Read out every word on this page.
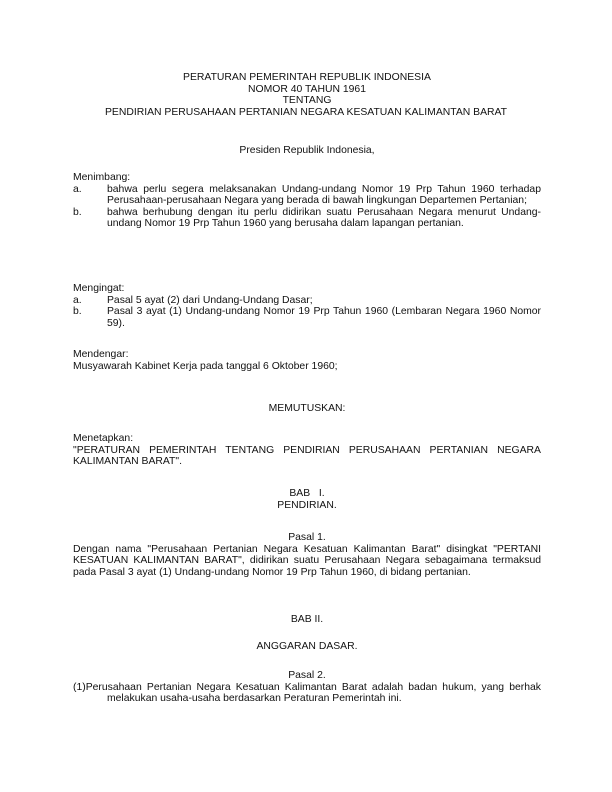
PERATURAN PEMERINTAH REPUBLIK INDONESIA
NOMOR 40 TAHUN 1961
TENTANG
PENDIRIAN PERUSAHAAN PERTANIAN NEGARA KESATUAN KALIMANTAN BARAT
Presiden Republik Indonesia,
Menimbang:
a.	bahwa perlu segera melaksanakan Undang-undang Nomor 19 Prp Tahun 1960 terhadap Perusahaan-perusahaan Negara yang berada di bawah lingkungan Departemen Pertanian;
b.	bahwa berhubung dengan itu perlu didirikan suatu Perusahaan Negara menurut Undang-undang Nomor 19 Prp Tahun 1960 yang berusaha dalam lapangan pertanian.
Mengingat:
a.	Pasal 5 ayat (2) dari Undang-Undang Dasar;
b.	Pasal 3 ayat (1) Undang-undang Nomor 19 Prp Tahun 1960 (Lembaran Negara 1960 Nomor 59).
Mendengar:
Musyawarah Kabinet Kerja pada tanggal 6 Oktober 1960;
MEMUTUSKAN:
Menetapkan:
"PERATURAN PEMERINTAH TENTANG PENDIRIAN PERUSAHAAN PERTANIAN NEGARA KALIMANTAN BARAT".
BAB   I.
PENDIRIAN.
Pasal 1.
Dengan nama "Perusahaan Pertanian Negara Kesatuan Kalimantan Barat" disingkat "PERTANI KESATUAN KALIMANTAN BARAT", didirikan suatu Perusahaan Negara sebagaimana termaksud pada Pasal 3 ayat (1) Undang-undang Nomor 19 Prp Tahun 1960, di bidang pertanian.
BAB II.
ANGGARAN DASAR.
Pasal 2.
(1)Perusahaan Pertanian Negara Kesatuan Kalimantan Barat adalah badan hukum, yang berhak melakukan usaha-usaha berdasarkan Peraturan Pemerintah ini.
